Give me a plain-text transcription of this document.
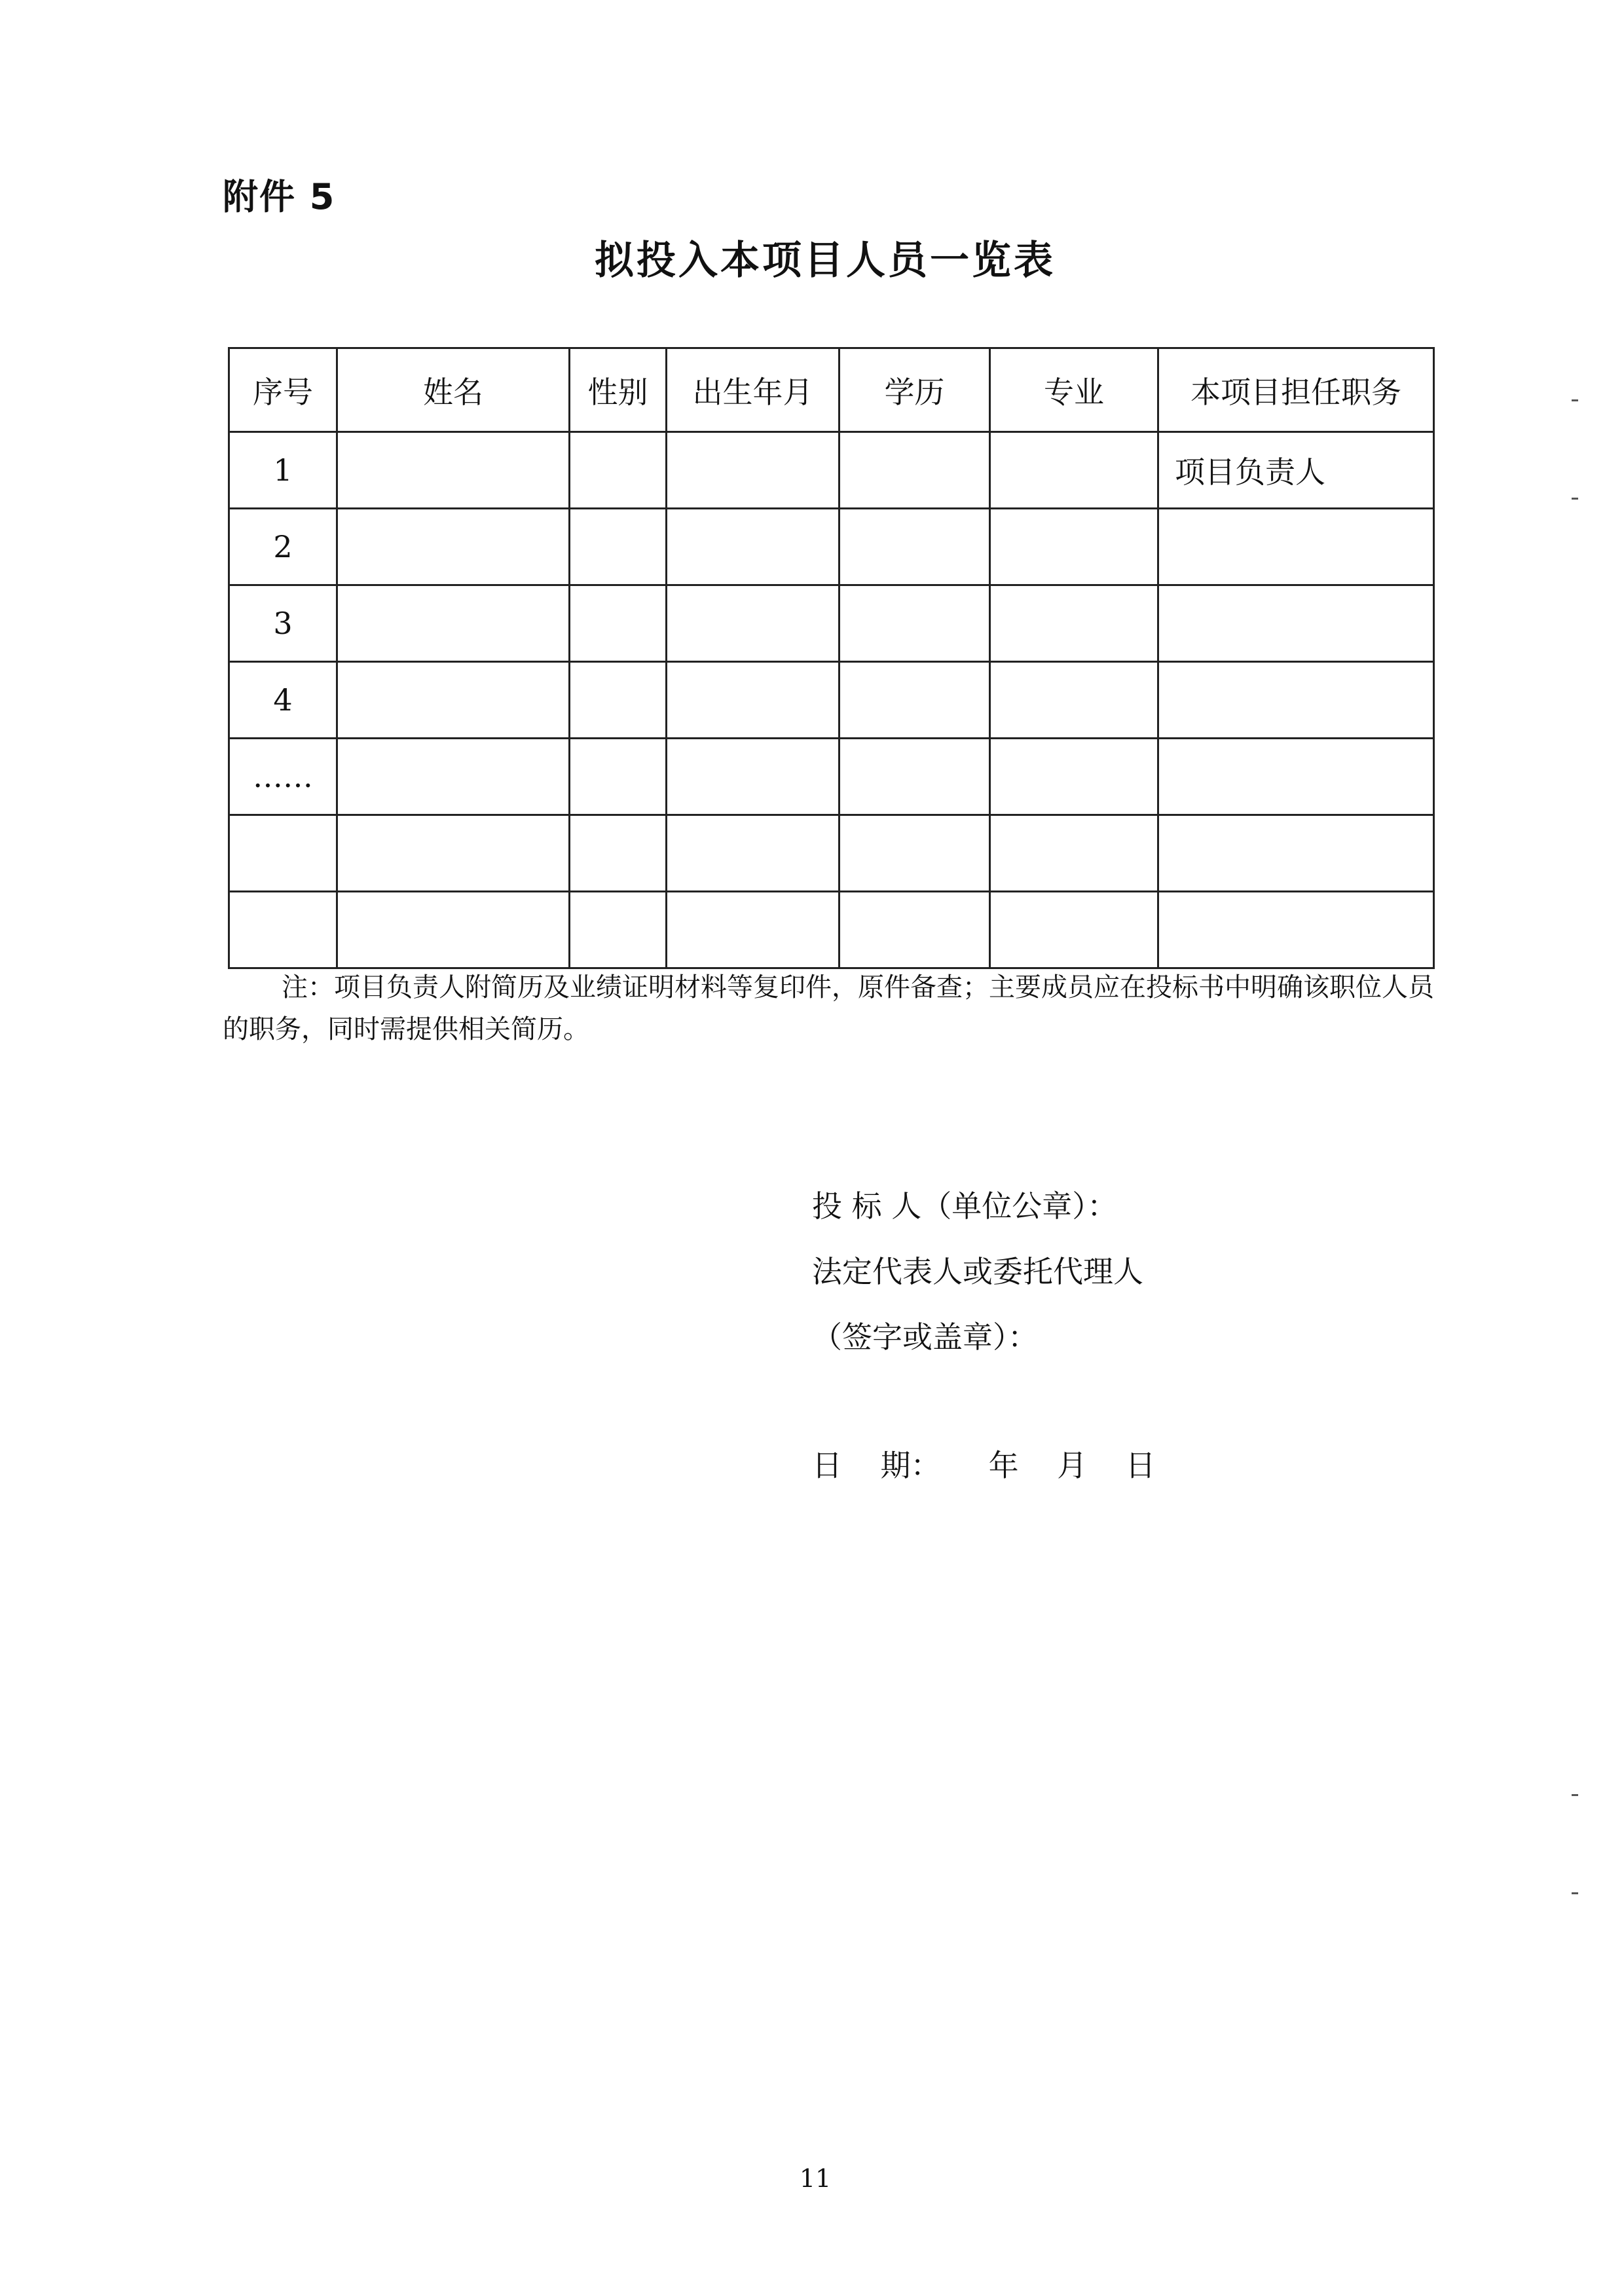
附件 5
拟投入本项目人员一览表
序号	姓名	性别	出生年月	学历	专业	本项目担任职务
1						项目负责人
2						
3						
4						
……						

注：项目负责人附简历及业绩证明材料等复印件，原件备查；主要成员应在投标书中明确该职位人员的职务，同时需提供相关简历。
投 标 人（单位公章）：
法定代表人或委托代理人
（签字或盖章）：
日    期：     年    月    日
11
